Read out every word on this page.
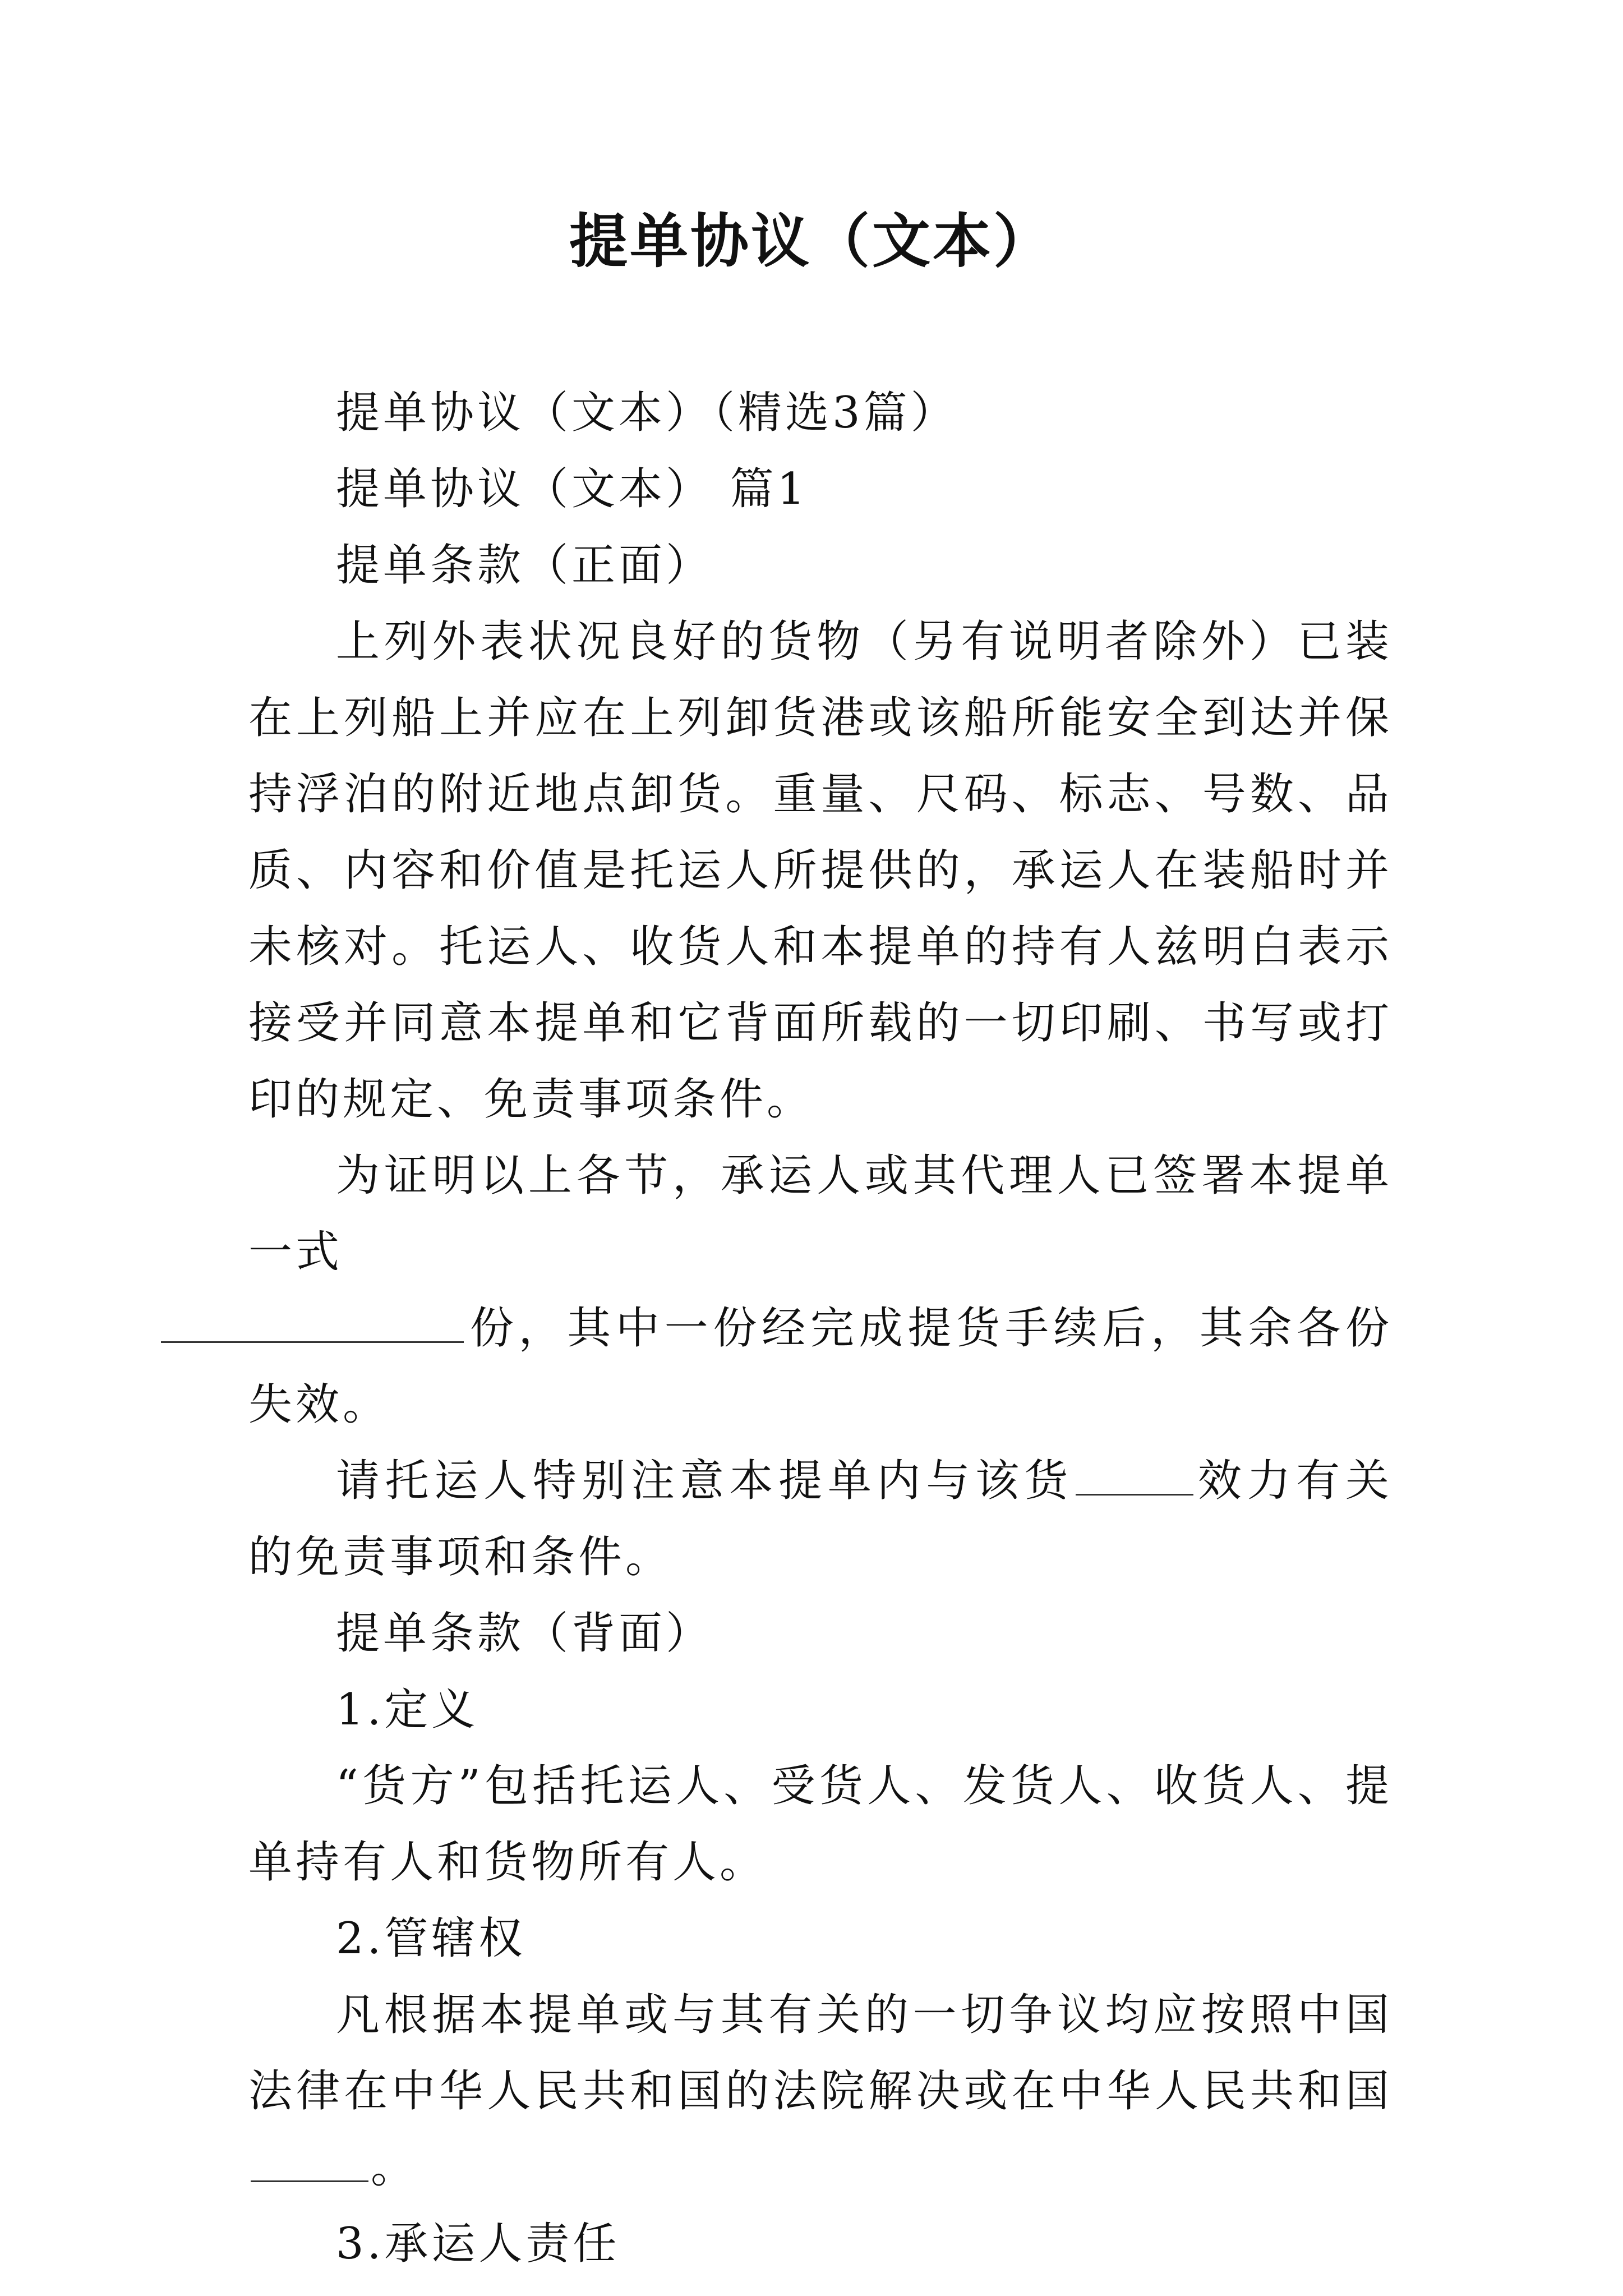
提单协议（文本）

提单协议（文本）（精选3篇）

提单协议（文本） 篇1

提单条款（正面）

上列外表状况良好的货物（另有说明者除外）已装在上列船上并应在上列卸货港或该船所能安全到达并保持浮泊的附近地点卸货。重量、尺码、标志、号数、品质、内容和价值是托运人所提供的，承运人在装船时并未核对。托运人、收货人和本提单的持有人兹明白表示接受并同意本提单和它背面所载的一切印刷、书写或打印的规定、免责事项条件。

为证明以上各节，承运人或其代理人已签署本提单一式
份，其中一份经完成提货手续后，其余各份失效。

请托运人特别注意本提单内与该货	效力有关的免责事项和条件。

提单条款（背面）

1.定义

“货方”包括托运人、受货人、发货人、收货人、提单持有人和货物所有人。

2.管辖权

凡根据本提单或与其有关的一切争议均应按照中国法律在中华人民共和国的法院解决或在中华人民共和国。

3.承运人责任
